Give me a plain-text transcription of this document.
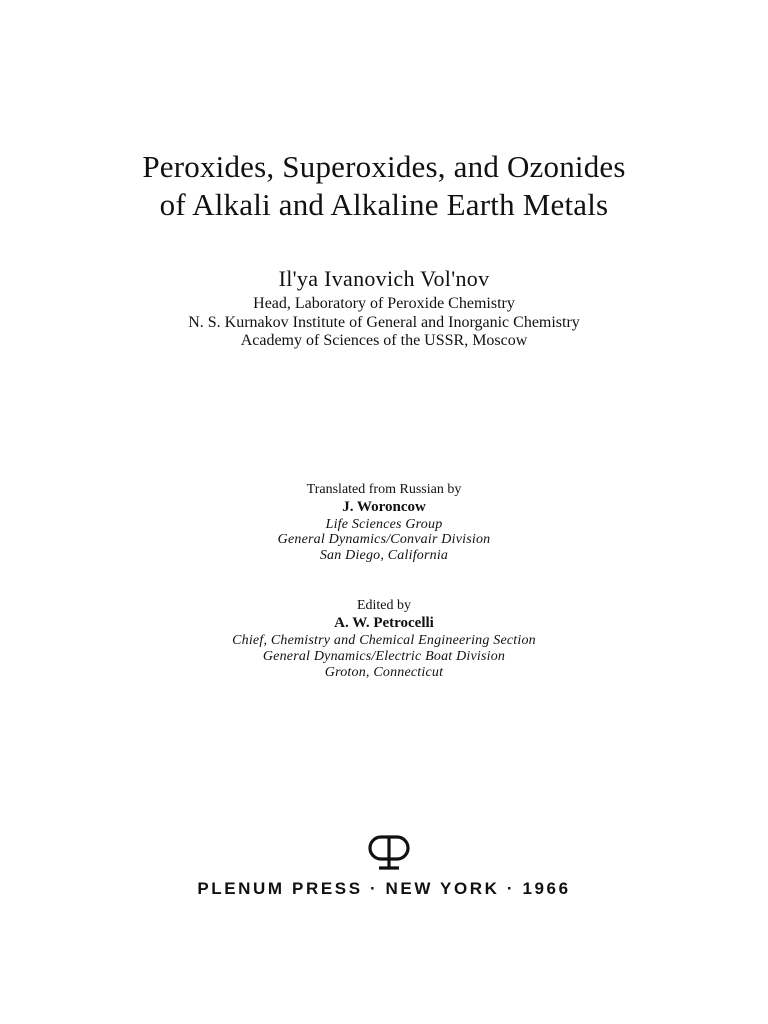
Peroxides, Superoxides, and Ozonides
of Alkali and Alkaline Earth Metals
Il'ya Ivanovich Vol'nov
Head, Laboratory of Peroxide Chemistry
N. S. Kurnakov Institute of General and Inorganic Chemistry
Academy of Sciences of the USSR, Moscow
Translated from Russian by
J. Woroncow
Life Sciences Group
General Dynamics/Convair Division
San Diego, California
Edited by
A. W. Petrocelli
Chief, Chemistry and Chemical Engineering Section
General Dynamics/Electric Boat Division
Groton, Connecticut
PLENUM PRESS · NEW YORK · 1966
